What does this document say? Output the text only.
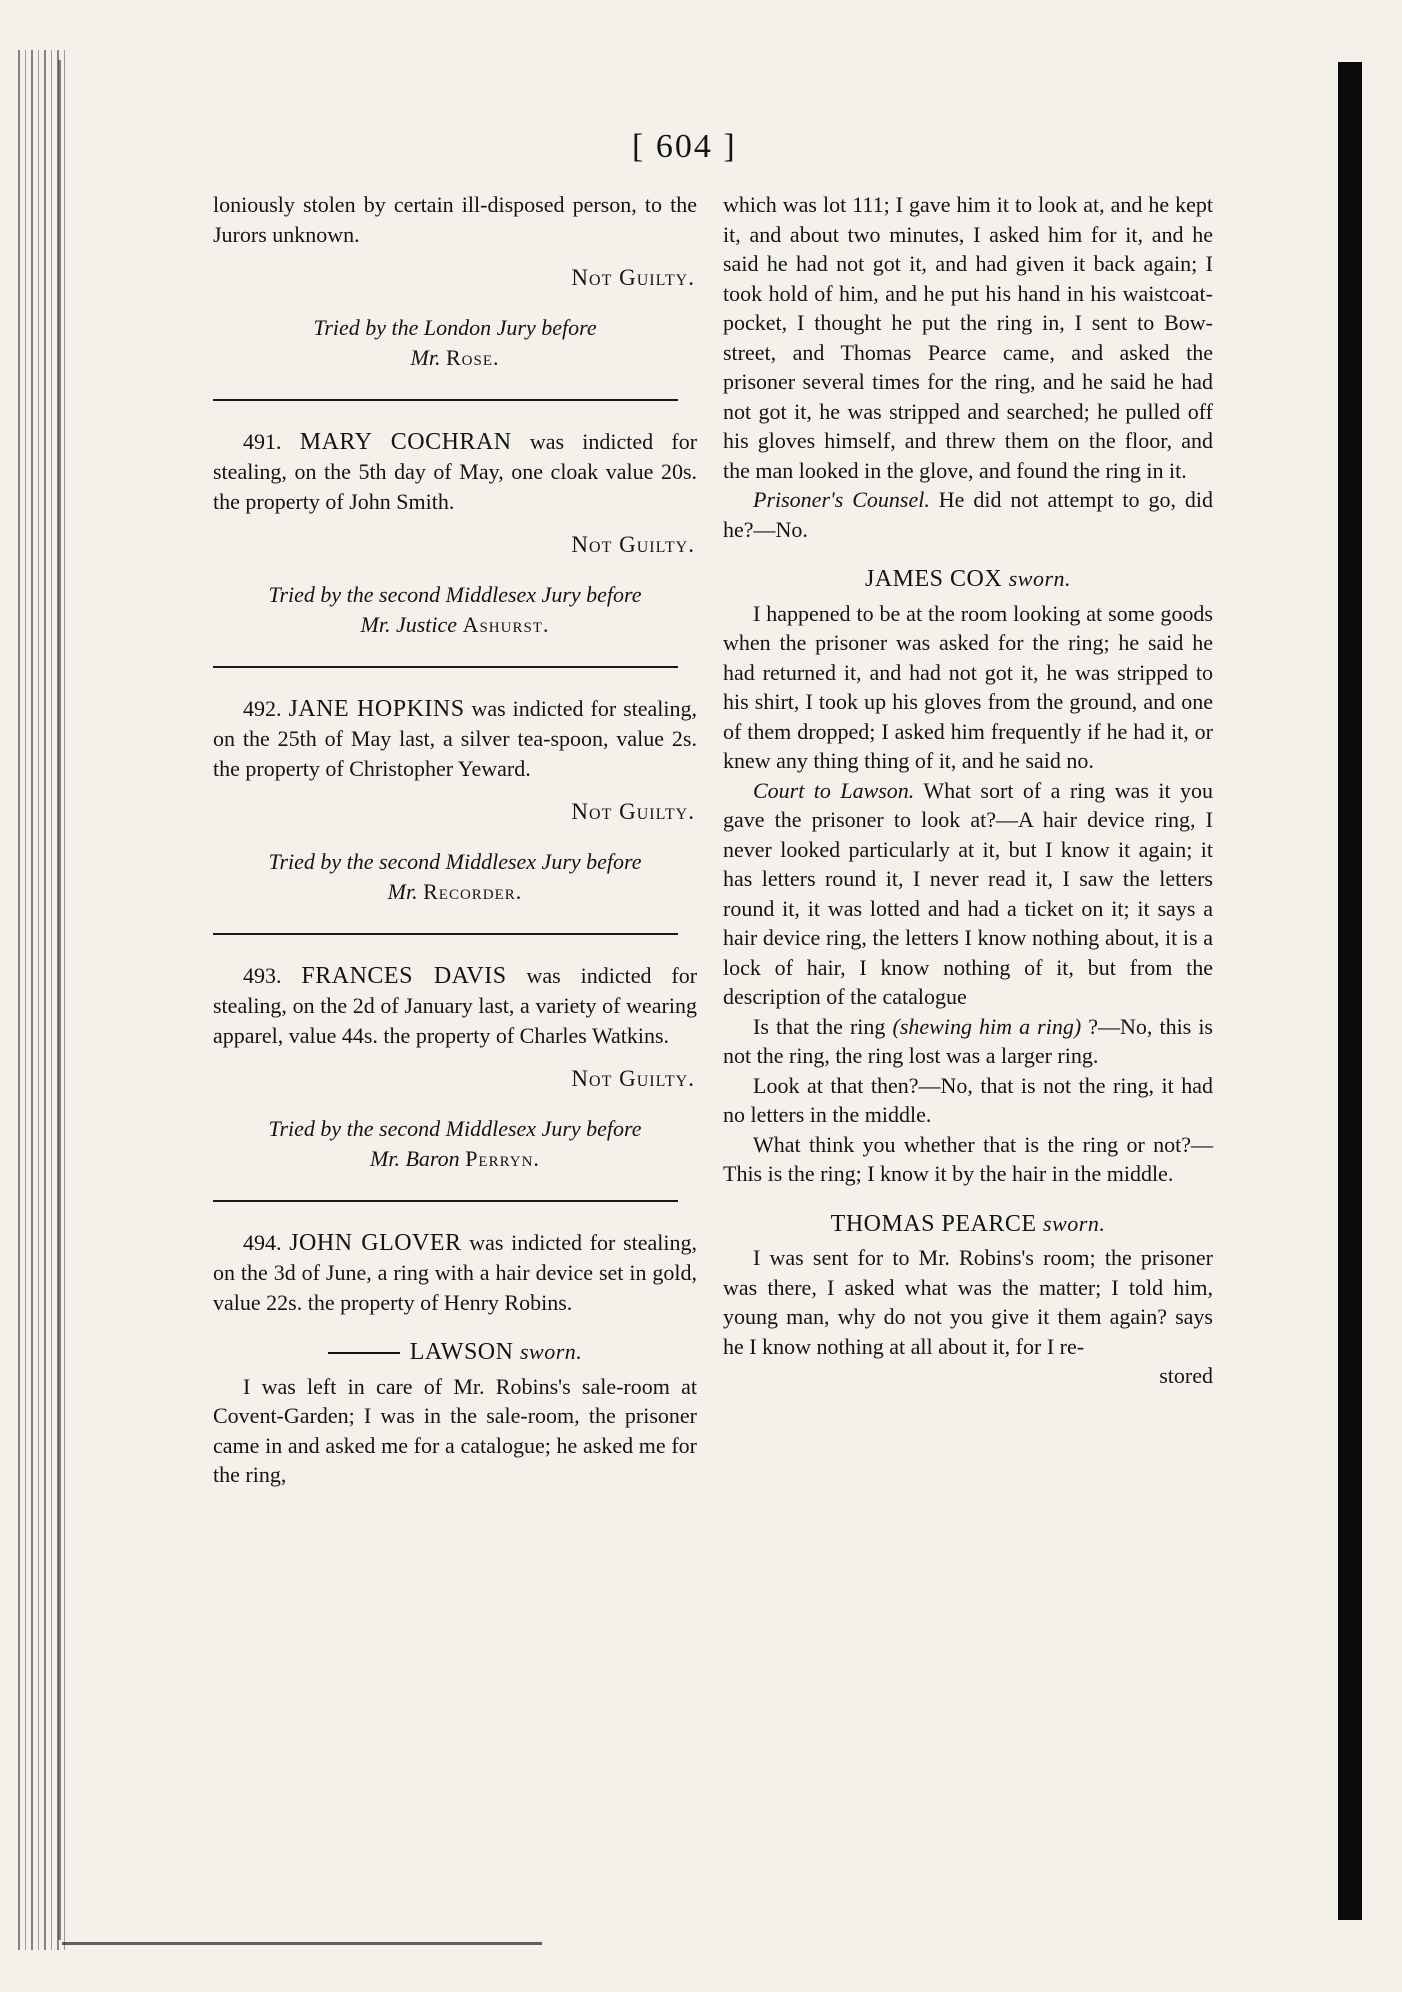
[ 604 ]

loniously stolen by certain ill-disposed person, to the Jurors unknown.

Not Guilty.
Tried by the London Jury before
Mr. Rose.

491. MARY COCHRAN was indicted for stealing, on the 5th day of May, one cloak value 20s. the property of John Smith.

Not Guilty.
Tried by the second Middlesex Jury before
Mr. Justice Ashurst.

492. JANE HOPKINS was indicted for stealing, on the 25th of May last, a silver tea-spoon, value 2s. the property of Christopher Yeward.

Not Guilty.
Tried by the second Middlesex Jury before
Mr. Recorder.

493. FRANCES DAVIS was indicted for stealing, on the 2d of January last, a variety of wearing apparel, value 44s. the property of Charles Watkins.

Not Guilty.
Tried by the second Middlesex Jury before
Mr. Baron Perryn.

494. JOHN GLOVER was indicted for stealing, on the 3d of June, a ring with a hair device set in gold, value 22s. the property of Henry Robins.

LAWSON sworn.

I was left in care of Mr. Robins's sale-room at Covent-Garden; I was in the sale-room, the prisoner came in and asked me for a catalogue; he asked me for the ring,

which was lot 111; I gave him it to look at, and he kept it, and about two minutes, I asked him for it, and he said he had not got it, and had given it back again; I took hold of him, and he put his hand in his waistcoat-pocket, I thought he put the ring in, I sent to Bow-street, and Thomas Pearce came, and asked the prisoner several times for the ring, and he said he had not got it, he was stripped and searched; he pulled off his gloves himself, and threw them on the floor, and the man looked in the glove, and found the ring in it.

Prisoner's Counsel. He did not attempt to go, did he?—No.

JAMES COX sworn.

I happened to be at the room looking at some goods when the prisoner was asked for the ring; he said he had returned it, and had not got it, he was stripped to his shirt, I took up his gloves from the ground, and one of them dropped; I asked him frequently if he had it, or knew any thing thing of it, and he said no.

Court to Lawson. What sort of a ring was it you gave the prisoner to look at?—A hair device ring, I never looked particularly at it, but I know it again; it has letters round it, I never read it, I saw the letters round it, it was lotted and had a ticket on it; it says a hair device ring, the letters I know nothing about, it is a lock of hair, I know nothing of it, but from the description of the catalogue

Is that the ring (shewing him a ring) ?—No, this is not the ring, the ring lost was a larger ring.

Look at that then?—No, that is not the ring, it had no letters in the middle.

What think you whether that is the ring or not?—This is the ring; I know it by the hair in the middle.

THOMAS PEARCE sworn.

I was sent for to Mr. Robins's room; the prisoner was there, I asked what was the matter; I told him, young man, why do not you give it them again? says he I know nothing at all about it, for I re-

stored
